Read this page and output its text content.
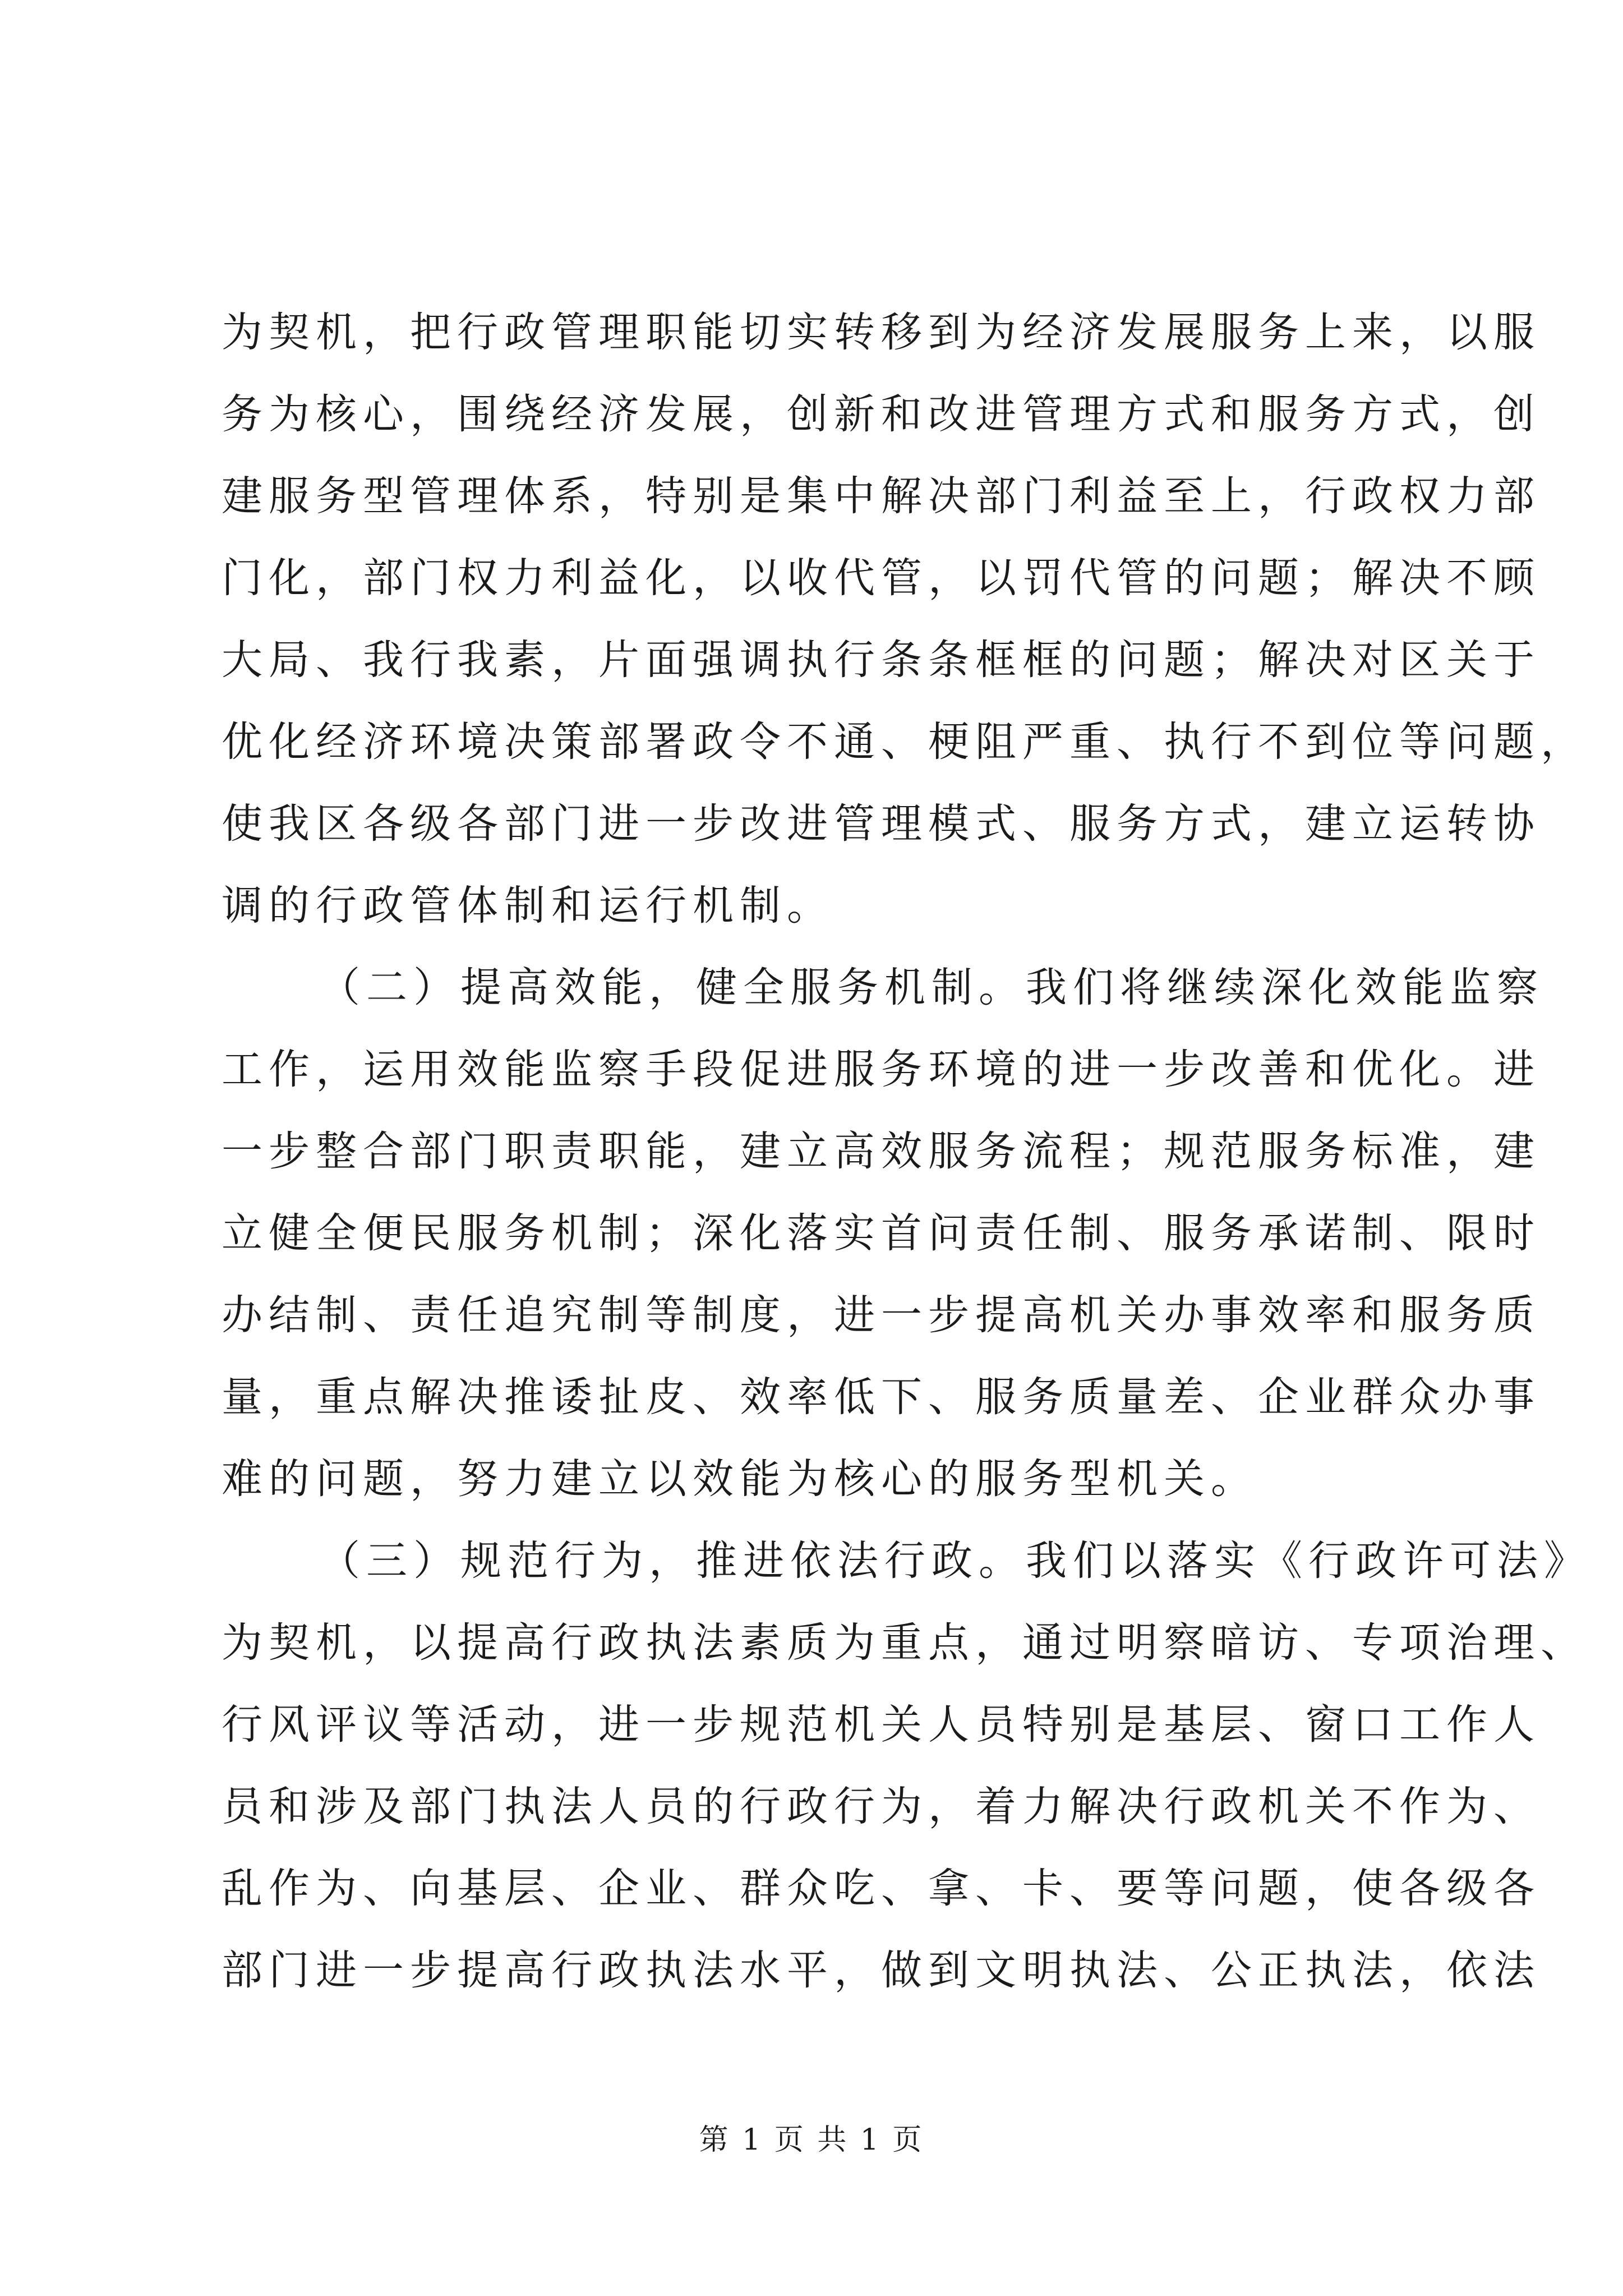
为契机，把行政管理职能切实转移到为经济发展服务上来，以服
务为核心，围绕经济发展，创新和改进管理方式和服务方式，创
建服务型管理体系，特别是集中解决部门利益至上，行政权力部
门化，部门权力利益化，以收代管，以罚代管的问题；解决不顾
大局、我行我素，片面强调执行条条框框的问题；解决对区关于
优化经济环境决策部署政令不通、梗阻严重、执行不到位等问题，
使我区各级各部门进一步改进管理模式、服务方式，建立运转协
调的行政管体制和运行机制。
（二）提高效能，健全服务机制。我们将继续深化效能监察
工作，运用效能监察手段促进服务环境的进一步改善和优化。进
一步整合部门职责职能，建立高效服务流程；规范服务标准，建
立健全便民服务机制；深化落实首问责任制、服务承诺制、限时
办结制、责任追究制等制度，进一步提高机关办事效率和服务质
量，重点解决推诿扯皮、效率低下、服务质量差、企业群众办事
难的问题，努力建立以效能为核心的服务型机关。
（三）规范行为，推进依法行政。我们以落实《行政许可法》
为契机，以提高行政执法素质为重点，通过明察暗访、专项治理、
行风评议等活动，进一步规范机关人员特别是基层、窗口工作人
员和涉及部门执法人员的行政行为，着力解决行政机关不作为、
乱作为、向基层、企业、群众吃、拿、卡、要等问题，使各级各
部门进一步提高行政执法水平，做到文明执法、公正执法，依法
第 1 页 共 1 页
